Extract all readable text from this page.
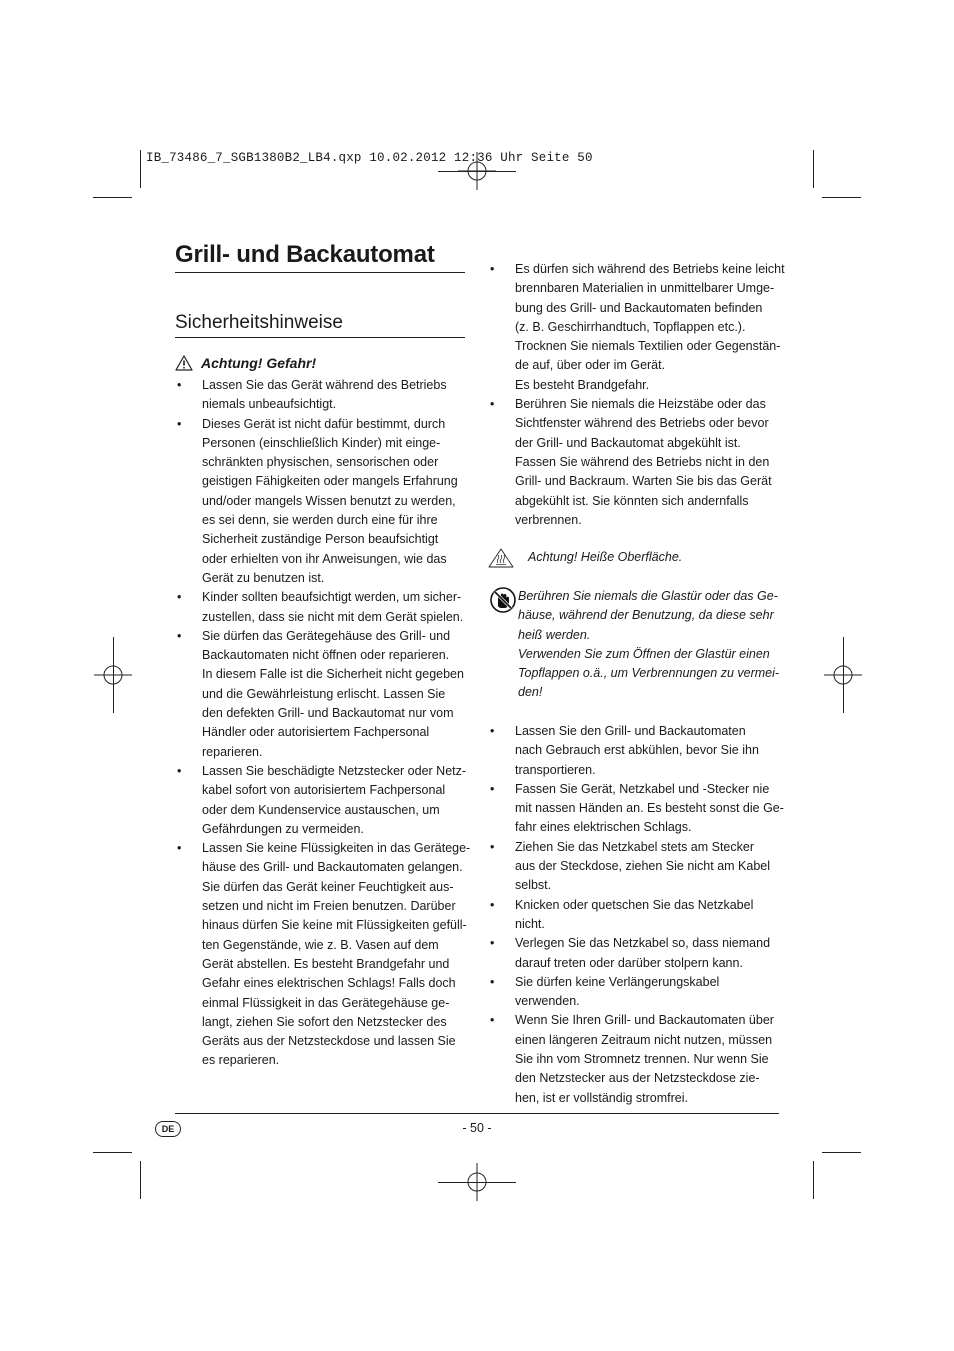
IB_73486_7_SGB1380B2_LB4.qxp 10.02.2012 12:36 Uhr Seite 50
Grill- und Backautomat
Sicherheitshinweise
Achtung! Gefahr!
• Lassen Sie das Gerät während des Betriebs
niemals unbeaufsichtigt.
• Dieses Gerät ist nicht dafür bestimmt, durch
Personen (einschließlich Kinder) mit einge-
schränkten physischen, sensorischen oder
geistigen Fähigkeiten oder mangels Erfahrung
und/oder mangels Wissen benutzt zu werden,
es sei denn, sie werden durch eine für ihre
Sicherheit zuständige Person beaufsichtigt
oder erhielten von ihr Anweisungen, wie das
Gerät zu benutzen ist.
• Kinder sollten beaufsichtigt werden, um sicher-
zustellen, dass sie nicht mit dem Gerät spielen.
• Sie dürfen das Gerätegehäuse des Grill- und
Backautomaten nicht öffnen oder reparieren.
In diesem Falle ist die Sicherheit nicht gegeben
und die Gewährleistung erlischt. Lassen Sie
den defekten Grill- und Backautomat nur vom
Händler oder autorisiertem Fachpersonal
reparieren.
• Lassen Sie beschädigte Netzstecker oder Netz-
kabel sofort von autorisiertem Fachpersonal
oder dem Kundenservice austauschen, um
Gefährdungen zu vermeiden.
• Lassen Sie keine Flüssigkeiten in das Gerätege-
häuse des Grill- und Backautomaten gelangen.
Sie dürfen das Gerät keiner Feuchtigkeit aus-
setzen und nicht im Freien benutzen. Darüber
hinaus dürfen Sie keine mit Flüssigkeiten gefüll-
ten Gegenstände, wie z. B. Vasen auf dem
Gerät abstellen. Es besteht Brandgefahr und
Gefahr eines elektrischen Schlags! Falls doch
einmal Flüssigkeit in das Gerätegehäuse ge-
langt, ziehen Sie sofort den Netzstecker des
Geräts aus der Netzsteckdose und lassen Sie
es reparieren.
• Es dürfen sich während des Betriebs keine leicht
brennbaren Materialien in unmittelbarer Umge-
bung des Grill- und Backautomaten befinden
(z. B. Geschirrhandtuch, Topflappen etc.).
Trocknen Sie niemals Textilien oder Gegenstän-
de auf, über oder im Gerät.
Es besteht Brandgefahr.
• Berühren Sie niemals die Heizstäbe oder das
Sichtfenster während des Betriebs oder bevor
der Grill- und Backautomat abgekühlt ist.
Fassen Sie während des Betriebs nicht in den
Grill- und Backraum. Warten Sie bis das Gerät
abgekühlt ist. Sie könnten sich andernfalls
verbrennen.
Achtung! Heiße Oberfläche.
Berühren Sie niemals die Glastür oder das Ge-
häuse, während der Benutzung, da diese sehr
heiß werden.
Verwenden Sie zum Öffnen der Glastür einen
Topflappen o.ä., um Verbrennungen zu vermei-
den!
• Lassen Sie den Grill- und Backautomaten
nach Gebrauch erst abkühlen, bevor Sie ihn
transportieren.
• Fassen Sie Gerät, Netzkabel und -Stecker nie
mit nassen Händen an. Es besteht sonst die Ge-
fahr eines elektrischen Schlags.
• Ziehen Sie das Netzkabel stets am Stecker
aus der Steckdose, ziehen Sie nicht am Kabel
selbst.
• Knicken oder quetschen Sie das Netzkabel
nicht.
• Verlegen Sie das Netzkabel so, dass niemand
darauf treten oder darüber stolpern kann.
• Sie dürfen keine Verlängerungskabel
verwenden.
• Wenn Sie Ihren Grill- und Backautomaten über
einen längeren Zeitraum nicht nutzen, müssen
Sie ihn vom Stromnetz trennen. Nur wenn Sie
den Netzstecker aus der Netzsteckdose zie-
hen, ist er vollständig stromfrei.
DE	- 50 -
